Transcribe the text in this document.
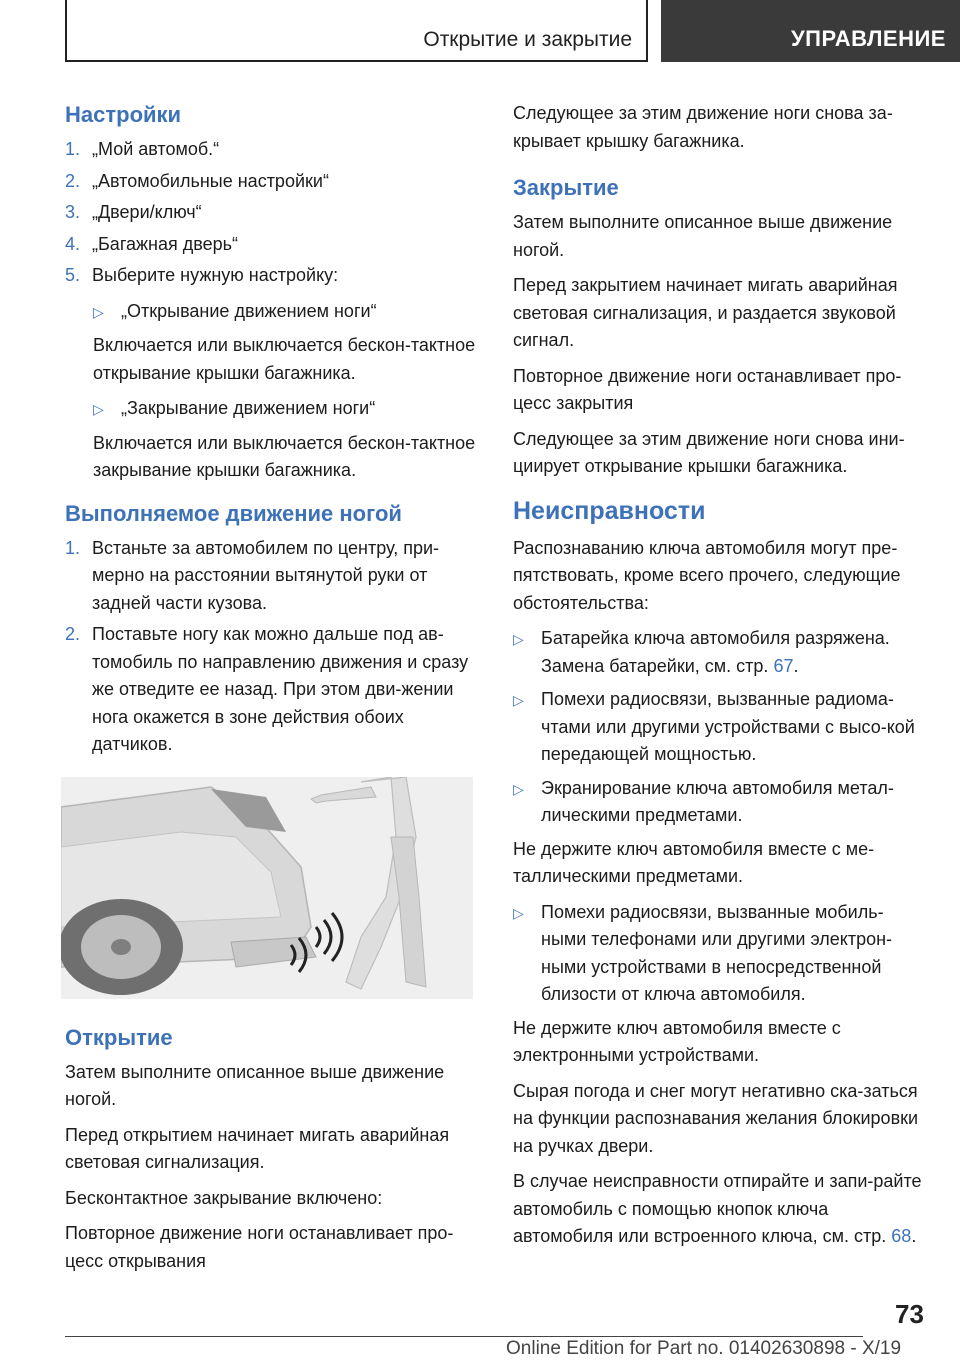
Открытие и закрытие	УПРАВЛЕНИЕ
Настройки
1. „Мой автомоб.“
2. „Автомобильные настройки“
3. „Двери/ключ“
4. „Багажная дверь“
5. Выберите нужную настройку:
▷ „Открывание движением ноги“

Включается или выключается бескон-тактное открывание крышки багажника.

▷ „Закрывание движением ноги“

Включается или выключается бескон-тактное закрывание крышки багажника.

Выполняемое движение ногой
1. Встаньте за автомобилем по центру, при-мерно на расстоянии вытянутой руки от задней части кузова.
2. Поставьте ногу как можно дальше под ав-томобиль по направлению движения и сразу же отведите ее назад. При этом дви-жении нога окажется в зоне действия обоих датчиков.
Открытие

Затем выполните описанное выше движение ногой.

Перед открытием начинает мигать аварийная световая сигнализация.

Бесконтактное закрывание включено:

Повторное движение ноги останавливает про-цесс открывания

Следующее за этим движение ноги снова за-крывает крышку багажника.

Закрытие

Затем выполните описанное выше движение ногой.

Перед закрытием начинает мигать аварийная световая сигнализация, и раздается звуковой сигнал.

Повторное движение ноги останавливает про-цесс закрытия

Следующее за этим движение ноги снова ини-циирует открывание крышки багажника.

Неисправности

Распознаванию ключа автомобиля могут пре-пятствовать, кроме всего прочего, следующие обстоятельства:

▷ Батарейка ключа автомобиля разряжена. Замена батарейки, см. стр. 67.
▷ Помехи радиосвязи, вызванные радиома-чтами или другими устройствами с высо-кой передающей мощностью.
▷ Экранирование ключа автомобиля метал-лическими предметами.

Не держите ключ автомобиля вместе с ме-таллическими предметами.

▷ Помехи радиосвязи, вызванные мобиль-ными телефонами или другими электрон-ными устройствами в непосредственной близости от ключа автомобиля.

Не держите ключ автомобиля вместе с электронными устройствами.

Сырая погода и снег могут негативно ска-заться на функции распознавания желания блокировки на ручках двери.

В случае неисправности отпирайте и запи-райте автомобиль с помощью кнопок ключа автомобиля или встроенного ключа, см. стр. 68.

73
Online Edition for Part no. 01402630898 - X/19
